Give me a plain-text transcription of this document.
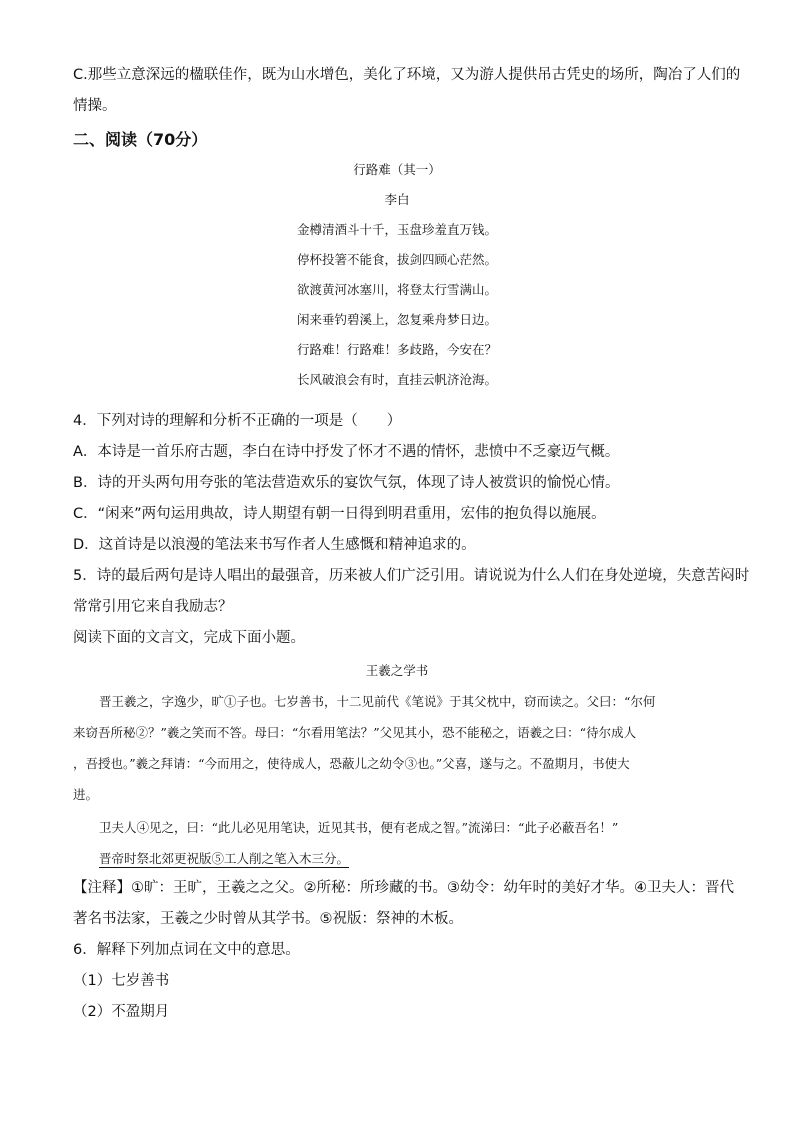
C.那些立意深远的楹联佳作，既为山水增色，美化了环境，又为游人提供吊古凭史的场所，陶冶了人们的
情操。
二、阅读（70分）
行路难（其一）
李白
金樽清酒斗十千，玉盘珍羞直万钱。
停杯投箸不能食，拔剑四顾心茫然。
欲渡黄河冰塞川，将登太行雪满山。
闲来垂钓碧溪上，忽复乘舟梦日边。
行路难！行路难！多歧路，今安在？
长风破浪会有时，直挂云帆济沧海。
4．下列对诗的理解和分析不正确的一项是（　　）
A．本诗是一首乐府古题，李白在诗中抒发了怀才不遇的情怀，悲愤中不乏豪迈气概。
B．诗的开头两句用夸张的笔法营造欢乐的宴饮气氛，体现了诗人被赏识的愉悦心情。
C．“闲来”两句运用典故，诗人期望有朝一日得到明君重用，宏伟的抱负得以施展。
D．这首诗是以浪漫的笔法来书写作者人生感慨和精神追求的。
5．诗的最后两句是诗人唱出的最强音，历来被人们广泛引用。请说说为什么人们在身处逆境，失意苦闷时
常常引用它来自我励志？
阅读下面的文言文，完成下面小题。
王羲之学书
晋王羲之，字逸少，旷①子也。七岁善书，十二见前代《笔说》于其父枕中，窃而读之。父曰：“尔何
来窃吾所秘②？”羲之笑而不答。母曰：“尔看用笔法？”父见其小，恐不能秘之，语羲之曰：“待尔成人
，吾授也。”羲之拜请：“今而用之，使待成人，恐蔽儿之幼令③也。”父喜，遂与之。不盈期月，书使大
进。
卫夫人④见之，曰：“此儿必见用笔诀，近见其书，便有老成之智。”流涕曰：“此子必蔽吾名！”
晋帝时祭北郊更祝版⑤工人削之笔入木三分。
【注释】①旷：王旷，王羲之之父。②所秘：所珍藏的书。③幼令：幼年时的美好才华。④卫夫人：晋代
著名书法家，王羲之少时曾从其学书。⑤祝版：祭神的木板。
6．解释下列加点词在文中的意思。
（1）七岁善书
（2）不盈期月
